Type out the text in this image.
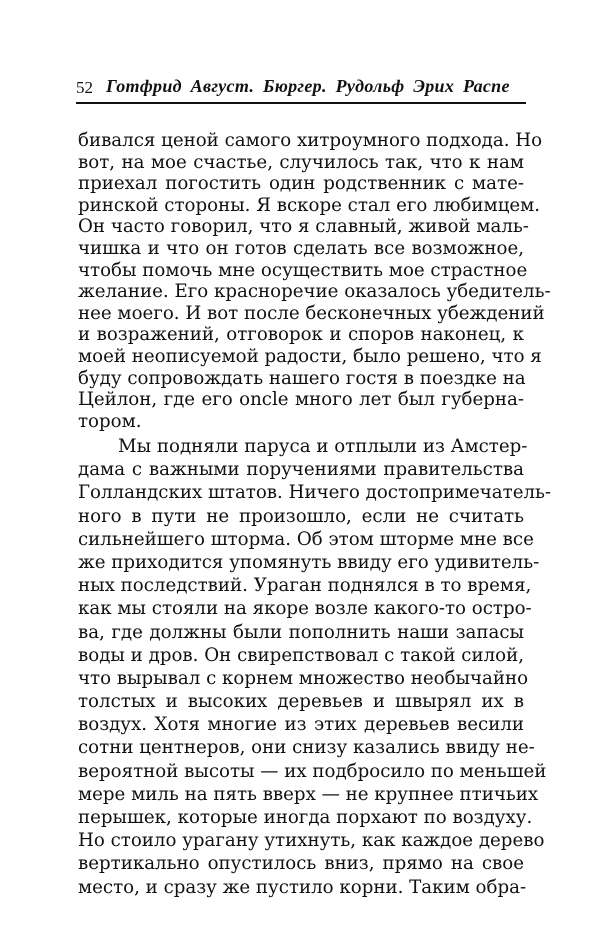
52 Готфрид Август. Бюргер. Рудольф Эрих Распе
бивался ценой самого хитроумного подхода. Но
вот, на мое счастье, случилось так, что к нам
приехал погостить один родственник с мате-
ринской стороны. Я вскоре стал его любимцем.
Он часто говорил, что я славный, живой маль-
чишка и что он готов сделать все возможное,
чтобы помочь мне осуществить мое страстное
желание. Его красноречие оказалось убедитель-
нее моего. И вот после бесконечных убеждений
и возражений, отговорок и споров наконец, к
моей неописуемой радости, было решено, что я
буду сопровождать нашего гостя в поездке на
Цейлон, где его oncle много лет был губерна-
тором.
Мы подняли паруса и отплыли из Амстер-
дама с важными поручениями правительства
Голландских штатов. Ничего достопримечатель-
ного в пути не произошло, если не считать
сильнейшего шторма. Об этом шторме мне все
же приходится упомянуть ввиду его удивитель-
ных последствий. Ураган поднялся в то время,
как мы стояли на якоре возле какого-то остро-
ва, где должны были пополнить наши запасы
воды и дров. Он свирепствовал с такой силой,
что вырывал с корнем множество необычайно
толстых и высоких деревьев и швырял их в
воздух. Хотя многие из этих деревьев весили
сотни центнеров, они снизу казались ввиду не-
вероятной высоты — их подбросило по меньшей
мере миль на пять вверх — не крупнее птичьих
перышек, которые иногда порхают по воздуху.
Но стоило урагану утихнуть, как каждое дерево
вертикально опустилось вниз, прямо на свое
место, и сразу же пустило корни. Таким обра-
